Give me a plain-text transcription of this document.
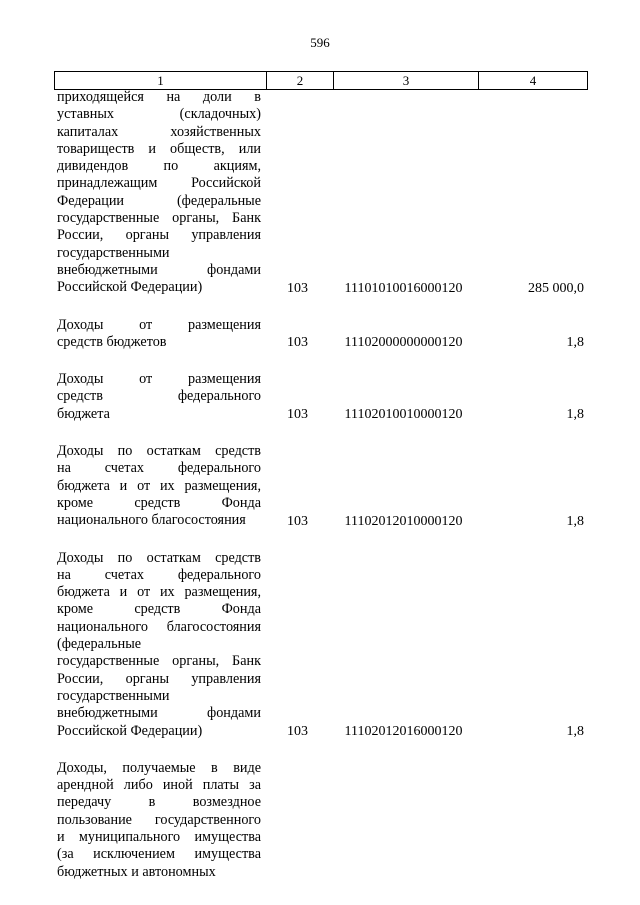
596
1	2	3	4
приходящейся на доли в
уставных (складочных)
капиталах хозяйственных
товариществ и обществ, или
дивидендов по акциям,
принадлежащим Российской
Федерации (федеральные
государственные органы, Банк
России, органы управления
государственными
внебюджетными фондами
Российской Федерации)	103	11101010016000120	285 000,0
Доходы от размещения
средств бюджетов	103	11102000000000120	1,8
Доходы от размещения
средств федерального
бюджета	103	11102010010000120	1,8
Доходы по остаткам средств
на счетах федерального
бюджета и от их размещения,
кроме средств Фонда
национального благосостояния	103	11102012010000120	1,8
Доходы по остаткам средств
на счетах федерального
бюджета и от их размещения,
кроме средств Фонда
национального благосостояния
(федеральные
государственные органы, Банк
России, органы управления
государственными
внебюджетными фондами
Российской Федерации)	103	11102012016000120	1,8
Доходы, получаемые в виде
арендной либо иной платы за
передачу в возмездное
пользование государственного
и муниципального имущества
(за исключением имущества
бюджетных и автономных
